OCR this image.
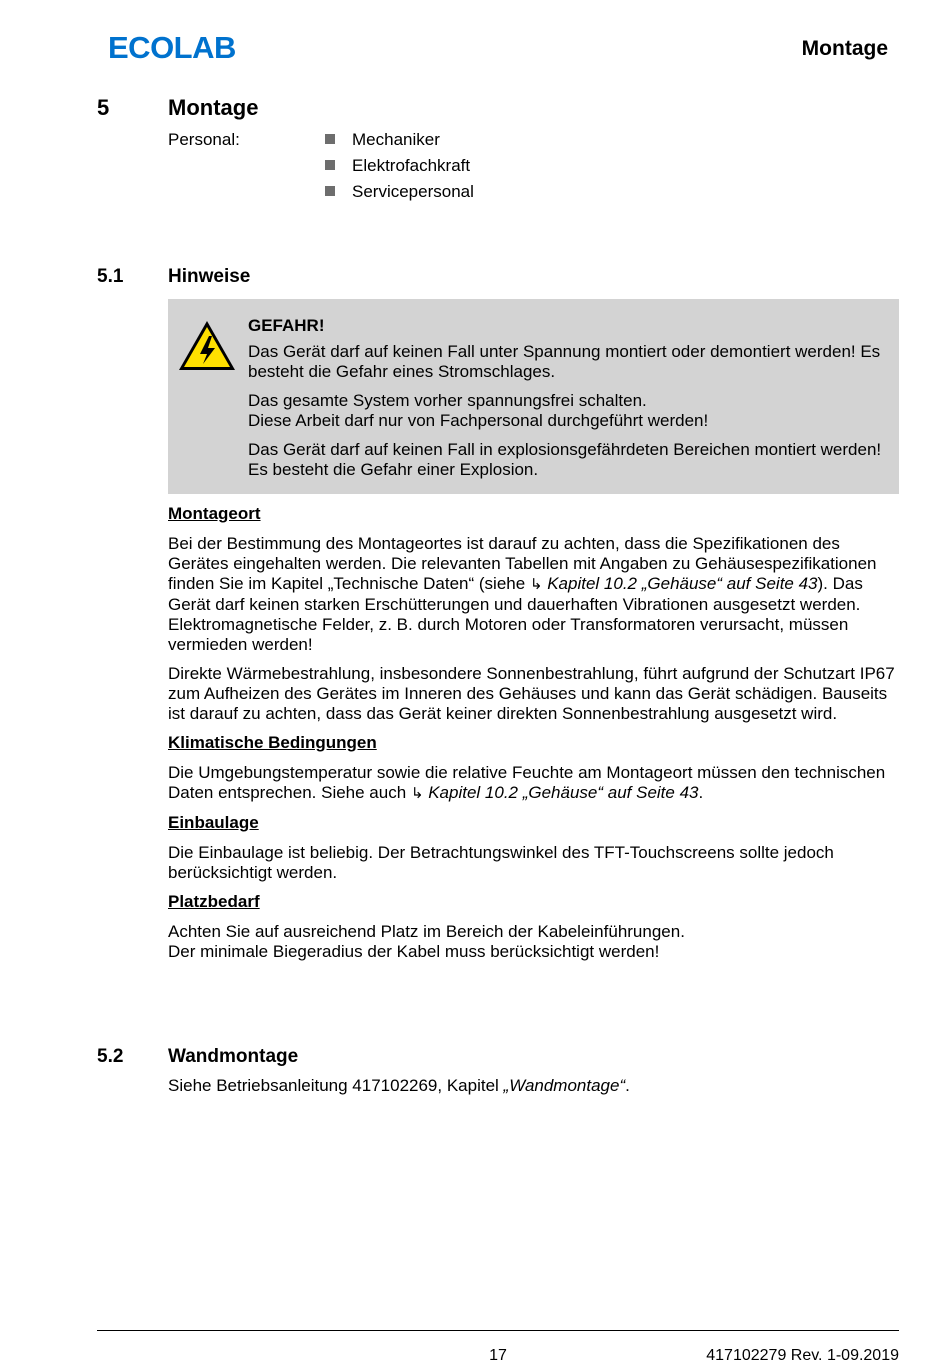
ECOLAB	Montage
5	Montage
Personal:	Mechaniker
Elektrofachkraft
Servicepersonal
5.1 Hinweise

GEFAHR!

Das Gerät darf auf keinen Fall unter Spannung montiert oder demontiert werden! Es besteht die Gefahr eines Stromschlages.

Das gesamte System vorher spannungsfrei schalten.
Diese Arbeit darf nur von Fachpersonal durchgeführt werden!

Das Gerät darf auf keinen Fall in explosionsgefährdeten Bereichen montiert werden! Es besteht die Gefahr einer Explosion.

Montageort

Bei der Bestimmung des Montageortes ist darauf zu achten, dass die Spezifikationen des Gerätes eingehalten werden. Die relevanten Tabellen mit Angaben zu Gehäusespezifikationen finden Sie im Kapitel „Technische Daten“ (siehe ↳ Kapitel 10.2 „Gehäuse“ auf Seite 43). Das Gerät darf keinen starken Erschütterungen und dauerhaften Vibrationen ausgesetzt werden. Elektromagnetische Felder, z. B. durch Motoren oder Transformatoren verursacht, müssen vermieden werden!

Direkte Wärmebestrahlung, insbesondere Sonnenbestrahlung, führt aufgrund der Schutzart IP67 zum Aufheizen des Gerätes im Inneren des Gehäuses und kann das Gerät schädigen. Bauseits ist darauf zu achten, dass das Gerät keiner direkten Sonnenbestrahlung ausgesetzt wird.

Klimatische Bedingungen

Die Umgebungstemperatur sowie die relative Feuchte am Montageort müssen den technischen Daten entsprechen. Siehe auch ↳ Kapitel 10.2 „Gehäuse“ auf Seite 43.

Einbaulage

Die Einbaulage ist beliebig. Der Betrachtungswinkel des TFT-Touchscreens sollte jedoch berücksichtigt werden.

Platzbedarf

Achten Sie auf ausreichend Platz im Bereich der Kabeleinführungen.
Der minimale Biegeradius der Kabel muss berücksichtigt werden!

5.2 Wandmontage
Siehe Betriebsanleitung 417102269, Kapitel „Wandmontage“.
17	417102279 Rev. 1-09.2019
